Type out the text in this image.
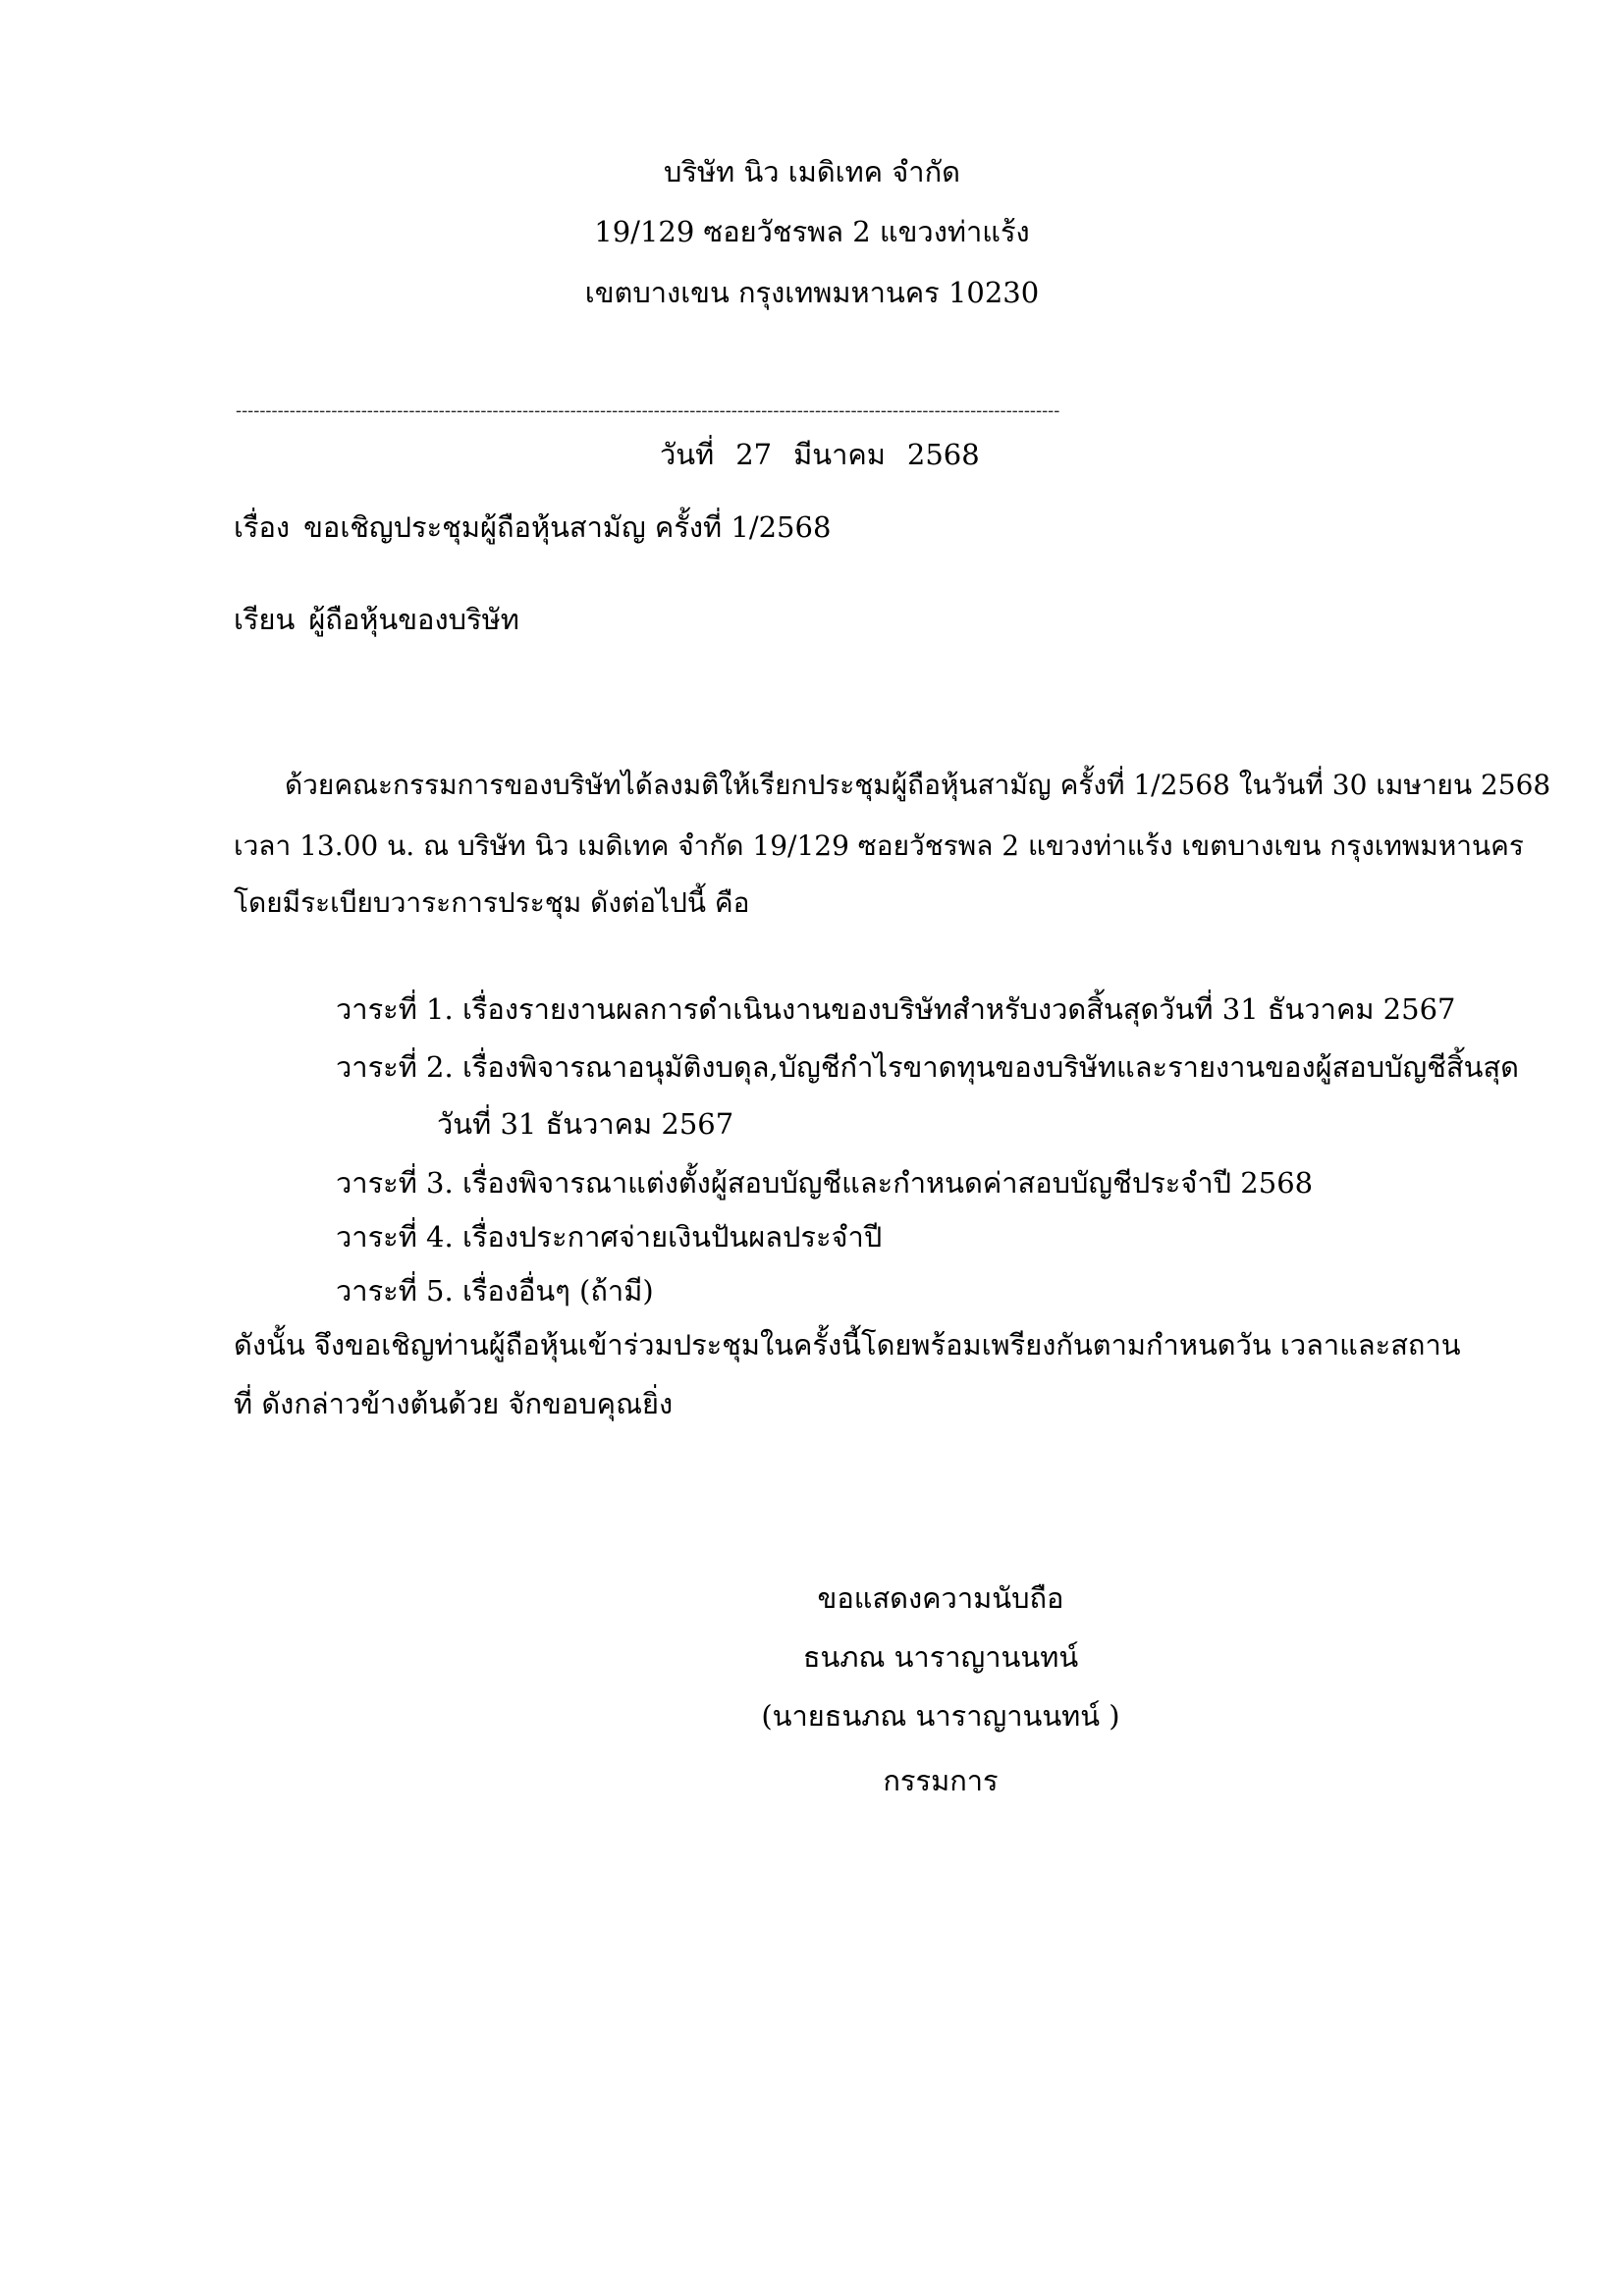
บริษัท นิว เมดิเทค จำกัด
19/129 ซอยวัชรพล 2 แขวงท่าแร้ง
เขตบางเขน กรุงเทพมหานคร 10230
------------------------------------------------------------------------------------------------------------------------------------------
วันที่ 27 มีนาคม 2568
เรื่อง ขอเชิญประชุมผู้ถือหุ้นสามัญ ครั้งที่ 1/2568
เรียน ผู้ถือหุ้นของบริษัท
ด้วยคณะกรรมการของบริษัทได้ลงมติให้เรียกประชุมผู้ถือหุ้นสามัญ ครั้งที่ 1/2568 ในวันที่ 30 เมษายน 2568
เวลา 13.00 น. ณ บริษัท นิว เมดิเทค จำกัด 19/129 ซอยวัชรพล 2 แขวงท่าแร้ง เขตบางเขน กรุงเทพมหานคร
โดยมีระเบียบวาระการประชุม ดังต่อไปนี้ คือ
วาระที่ 1. เรื่องรายงานผลการดำเนินงานของบริษัทสำหรับงวดสิ้นสุดวันที่ 31 ธันวาคม 2567
วาระที่ 2. เรื่องพิจารณาอนุมัติงบดุล,บัญชีกำไรขาดทุนของบริษัทและรายงานของผู้สอบบัญชีสิ้นสุด
วันที่ 31 ธันวาคม 2567
วาระที่ 3. เรื่องพิจารณาแต่งตั้งผู้สอบบัญชีและกำหนดค่าสอบบัญชีประจำปี 2568
วาระที่ 4. เรื่องประกาศจ่ายเงินปันผลประจำปี
วาระที่ 5. เรื่องอื่นๆ (ถ้ามี)
ดังนั้น จึงขอเชิญท่านผู้ถือหุ้นเข้าร่วมประชุมในครั้งนี้โดยพร้อมเพรียงกันตามกำหนดวัน เวลาและสถาน
ที่ ดังกล่าวข้างต้นด้วย จักขอบคุณยิ่ง
ขอแสดงความนับถือ
ธนภณ นาราญานนทน์
(นายธนภณ นาราญานนทน์ )
กรรมการ
